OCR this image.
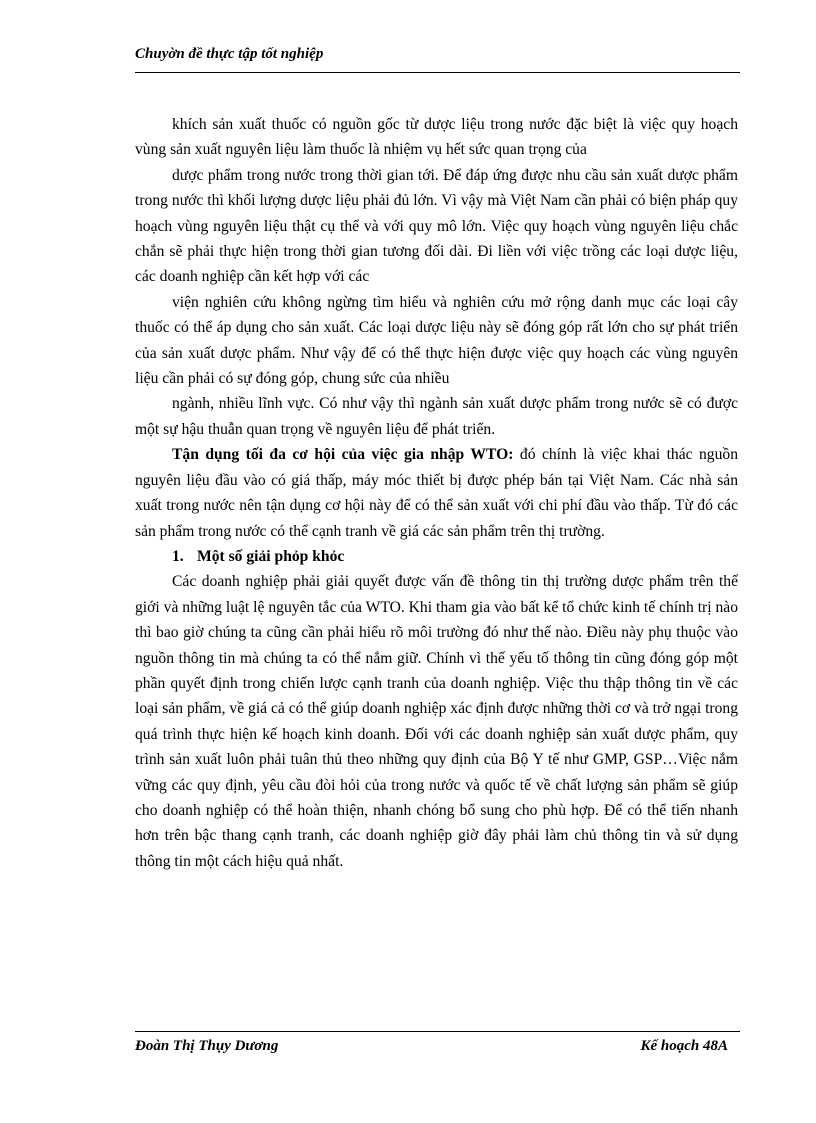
Chuyờn đề thực tập tốt nghiệp

khích sản xuất thuốc có nguồn gốc từ dược liệu trong nước đặc biệt là việc quy hoạch vùng sản xuất nguyên liệu làm thuốc là nhiệm vụ hết sức quan trọng của

dược phẩm trong nước trong thời gian tới. Để đáp ứng được nhu cầu sản xuất dược phẩm trong nước thì khối lượng dược liệu phải đủ lớn. Vì vậy mà Việt Nam cần phải có biện pháp quy hoạch vùng nguyên liệu thật cụ thể và với quy mô lớn. Việc quy hoạch vùng nguyên liệu chắc chắn sẽ phải thực hiện trong thời gian tương đối dài. Đi liền với việc trồng các loại dược liệu, các doanh nghiệp cần kết hợp với các

viện nghiên cứu không ngừng tìm hiểu và nghiên cứu mở rộng danh mục các loại cây thuốc có thể áp dụng cho sản xuất. Các loại dược liệu này sẽ đóng góp rất lớn cho sự phát triển của sản xuất dược phẩm. Như vậy để có thể thực hiện được việc quy hoạch các vùng nguyên liệu cần phải có sự đóng góp, chung sức của nhiều

ngành, nhiều lĩnh vực. Có như vậy thì ngành sản xuất dược phẩm trong nước sẽ có được một sự hậu thuẫn quan trọng về nguyên liệu để phát triển.

Tận dụng tối đa cơ hội của việc gia nhập WTO: đó chính là việc khai thác nguồn nguyên liệu đầu vào có giá thấp, máy móc thiết bị được phép bán tại Việt Nam. Các nhà sản xuất trong nước nên tận dụng cơ hội này để có thể sản xuất với chi phí đầu vào thấp. Từ đó các sản phẩm trong nước có thể cạnh tranh về giá các sản phẩm trên thị trường.

1. Một số giải phỏp khỏc

Các doanh nghiệp phải giải quyết được vấn đề thông tin thị trường dược phẩm trên thế giới và những luật lệ nguyên tắc của WTO. Khi tham gia vào bất kể tổ chức kinh tế chính trị nào thì bao giờ chúng ta cũng cần phải hiểu rõ môi trường đó như thế nào. Điều này phụ thuộc vào nguồn thông tin mà chúng ta có thể nắm giữ. Chính vì thế yếu tố thông tin cũng đóng góp một phần quyết định trong chiến lược cạnh tranh của doanh nghiệp. Việc thu thập thông tin về các loại sản phẩm, về giá cả có thể giúp doanh nghiệp xác định được những thời cơ và trở ngại trong quá trình thực hiện kế hoạch kinh doanh. Đối với các doanh nghiệp sản xuất dược phẩm, quy trình sản xuất luôn phải tuân thủ theo những quy định của Bộ Y tế như GMP, GSP…Việc nắm vững các quy định, yêu cầu đòi hỏi của trong nước và quốc tế về chất lượng sản phẩm sẽ giúp cho doanh nghiệp có thể hoàn thiện, nhanh chóng bổ sung cho phù hợp. Để có thể tiến nhanh hơn trên bậc thang cạnh tranh, các doanh nghiệp giờ đây phải làm chủ thông tin và sử dụng thông tin một cách hiệu quả nhất.

Đoàn Thị Thụy Dương	Kế hoạch 48A
